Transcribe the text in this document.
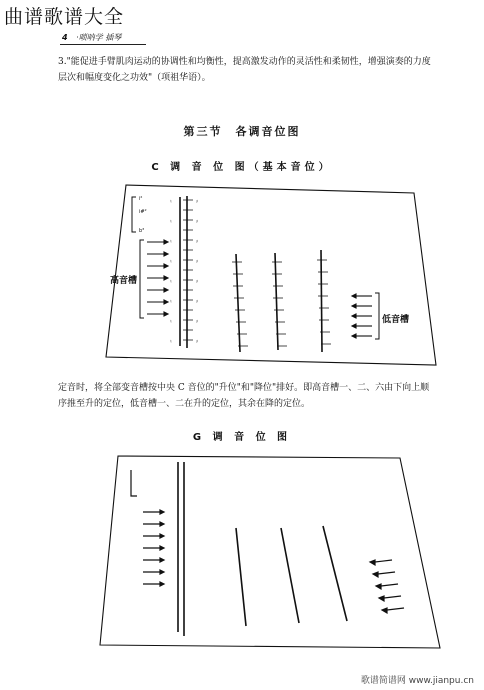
曲谱歌谱大全
4 ·唢呐学 插琴
3."能促进手臂肌肉运动的协调性和均衡性，提高激发动作的灵活性和柔韧性，增强演奏的力度层次和幅度变化之功效"（项祖华语）。
第三节　各调音位图
C 调 音 位 图（基本音位）
i²
i#²
b³
♮	♯
♮	♯
♮	♯
♮	♯
♮	♯
♮	♯
♮	♯
♮	♯
高音槽
低音槽
定音时，将全部变音槽按中央 C 音位的"升位"和"降位"排好。即高音槽一、二、六由下向上顺序推至升的定位，低音槽一、二在升的定位，其余在降的定位。
G 调 音 位 图
歌谱简谱网 www.jianpu.cn
